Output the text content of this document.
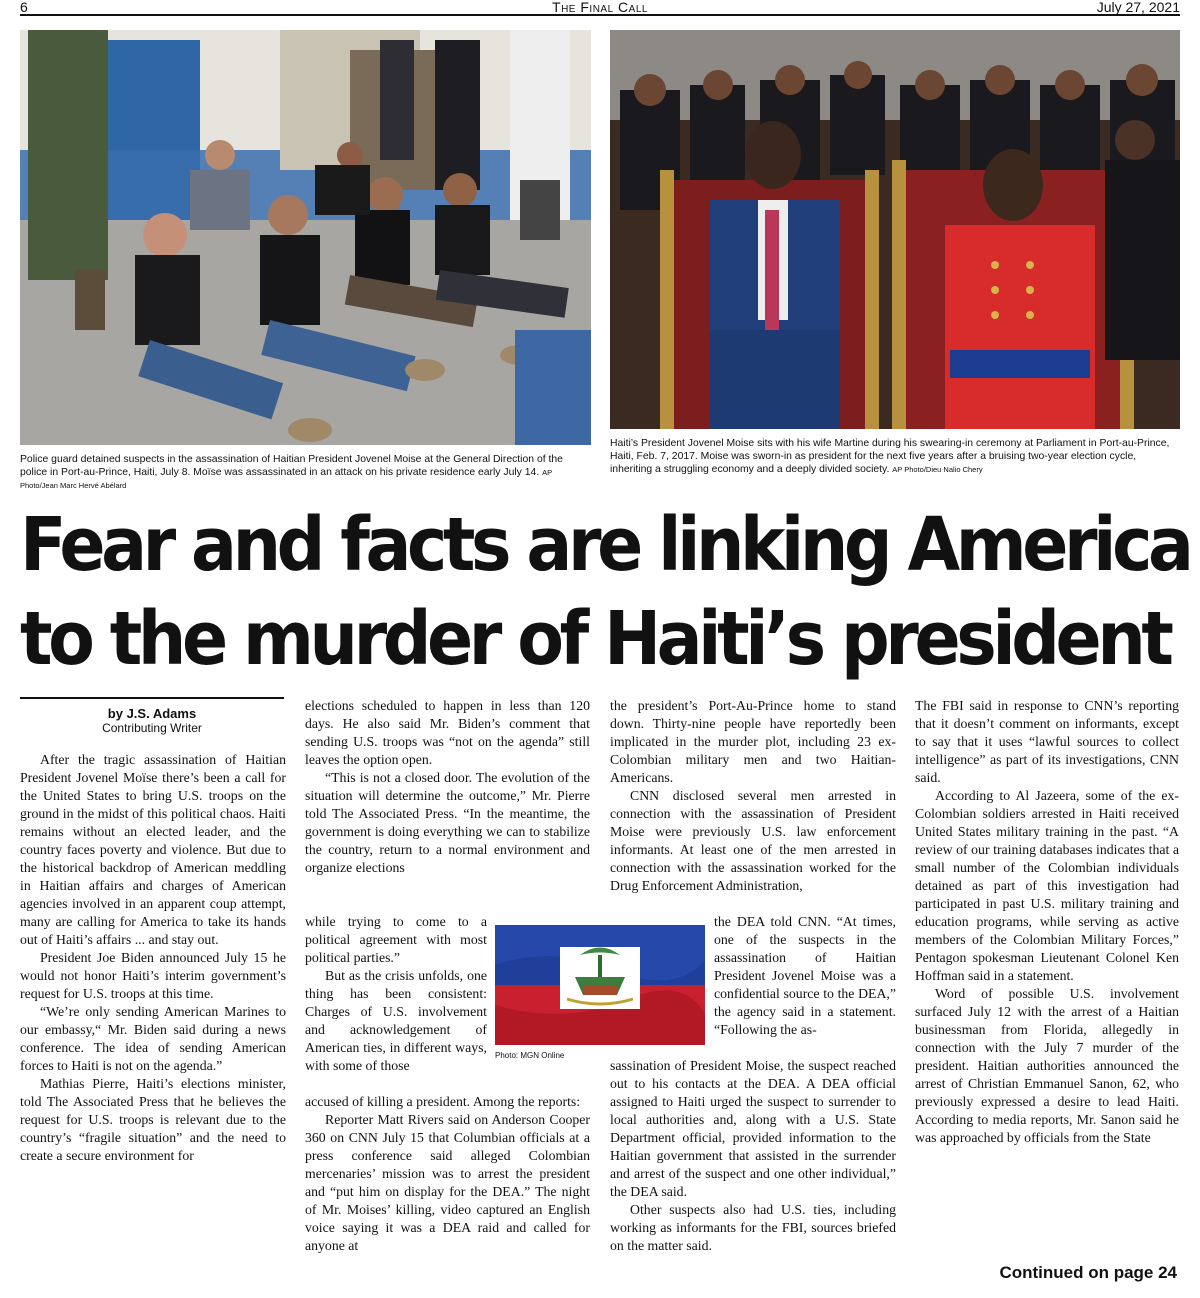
6	The Final Call	July 27, 2021
Police guard detained suspects in the assassination of Haitian President Jovenel Moise at the General Direction of the police in Port-au-Prince, Haiti, July 8. Moïse was assassinated in an attack on his private residence early July 14. AP Photo/Jean Marc Hervé Abélard
Haiti’s President Jovenel Moise sits with his wife Martine during his swearing-in ceremony at Parliament in Port-au-Prince, Haiti, Feb. 7, 2017. Moise was sworn-in as president for the next five years after a bruising two-year election cycle, inheriting a struggling economy and a deeply divided society. AP Photo/Dieu Nalio Chery
Fear and facts are linking America
to the murder of Haiti’s president
by J.S. Adams
Contributing Writer

After the tragic assassination of Haitian President Jovenel Moïse there’s been a call for the United States to bring U.S. troops on the ground in the midst of this political chaos. Haiti remains without an elected leader, and the country faces poverty and violence. But due to the historical backdrop of American meddling in Haitian affairs and charges of American agencies involved in an apparent coup attempt, many are calling for America to take its hands out of Haiti’s affairs ... and stay out.

President Joe Biden announced July 15 he would not honor Haiti’s interim government’s request for U.S. troops at this time.

“We’re only sending American Marines to our embassy,“ Mr. Biden said during a news conference. The idea of sending American forces to Haiti is not on the agenda.”

Mathias Pierre, Haiti’s elections minister, told The Associated Press that he believes the request for U.S. troops is relevant due to the country’s “fragile situation” and the need to create a secure environment for

elections scheduled to happen in less than 120 days. He also said Mr. Biden’s comment that sending U.S. troops was “not on the agenda” still leaves the option open.

“This is not a closed door. The evolution of the situation will determine the outcome,” Mr. Pierre told The Associated Press. “In the meantime, the government is doing everything we can to stabilize the country, return to a normal environment and organize elections

while trying to come to a political agreement with most political parties.”

But as the crisis unfolds, one thing has been consistent: Charges of U.S. involvement and acknowledgement of American ties, in different ways, with some of those

accused of killing a president. Among the reports:

Reporter Matt Rivers said on Anderson Cooper 360 on CNN July 15 that Columbian officials at a press conference said alleged Colombian mercenaries’ mission was to arrest the president and “put him on display for the DEA.” The night of Mr. Moises’ killing, video captured an English voice saying it was a DEA raid and called for anyone at

Photo: MGN Online

the president’s Port-Au-Prince home to stand down. Thirty-nine people have reportedly been implicated in the murder plot, including 23 ex-Colombian military men and two Haitian-Americans.

CNN disclosed several men arrested in connection with the assassination of President Moise were previously U.S. law enforcement informants. At least one of the men arrested in connection with the assassination worked for the Drug Enforcement Administration,

the DEA told CNN. “At times, one of the suspects in the assassination of Haitian President Jovenel Moise was a confidential source to the DEA,” the agency said in a statement. “Following the as-

sassination of President Moise, the suspect reached out to his contacts at the DEA. A DEA official assigned to Haiti urged the suspect to surrender to local authorities and, along with a U.S. State Department official, provided information to the Haitian government that assisted in the surrender and arrest of the suspect and one other individual,” the DEA said.

Other suspects also had U.S. ties, including working as informants for the FBI, sources briefed on the matter said.

The FBI said in response to CNN’s reporting that it doesn’t comment on informants, except to say that it uses “lawful sources to collect intelligence” as part of its investigations, CNN said.

According to Al Jazeera, some of the ex-Colombian soldiers arrested in Haiti received United States military training in the past. “A review of our training databases indicates that a small number of the Colombian individuals detained as part of this investigation had participated in past U.S. military training and education programs, while serving as active members of the Colombian Military Forces,” Pentagon spokesman Lieutenant Colonel Ken Hoffman said in a statement.

Word of possible U.S. involvement surfaced July 12 with the arrest of a Haitian businessman from Florida, allegedly in connection with the July 7 murder of the president. Haitian authorities announced the arrest of Christian Emmanuel Sanon, 62, who previously expressed a desire to lead Haiti. According to media reports, Mr. Sanon said he was approached by officials from the State

Continued on page 24
